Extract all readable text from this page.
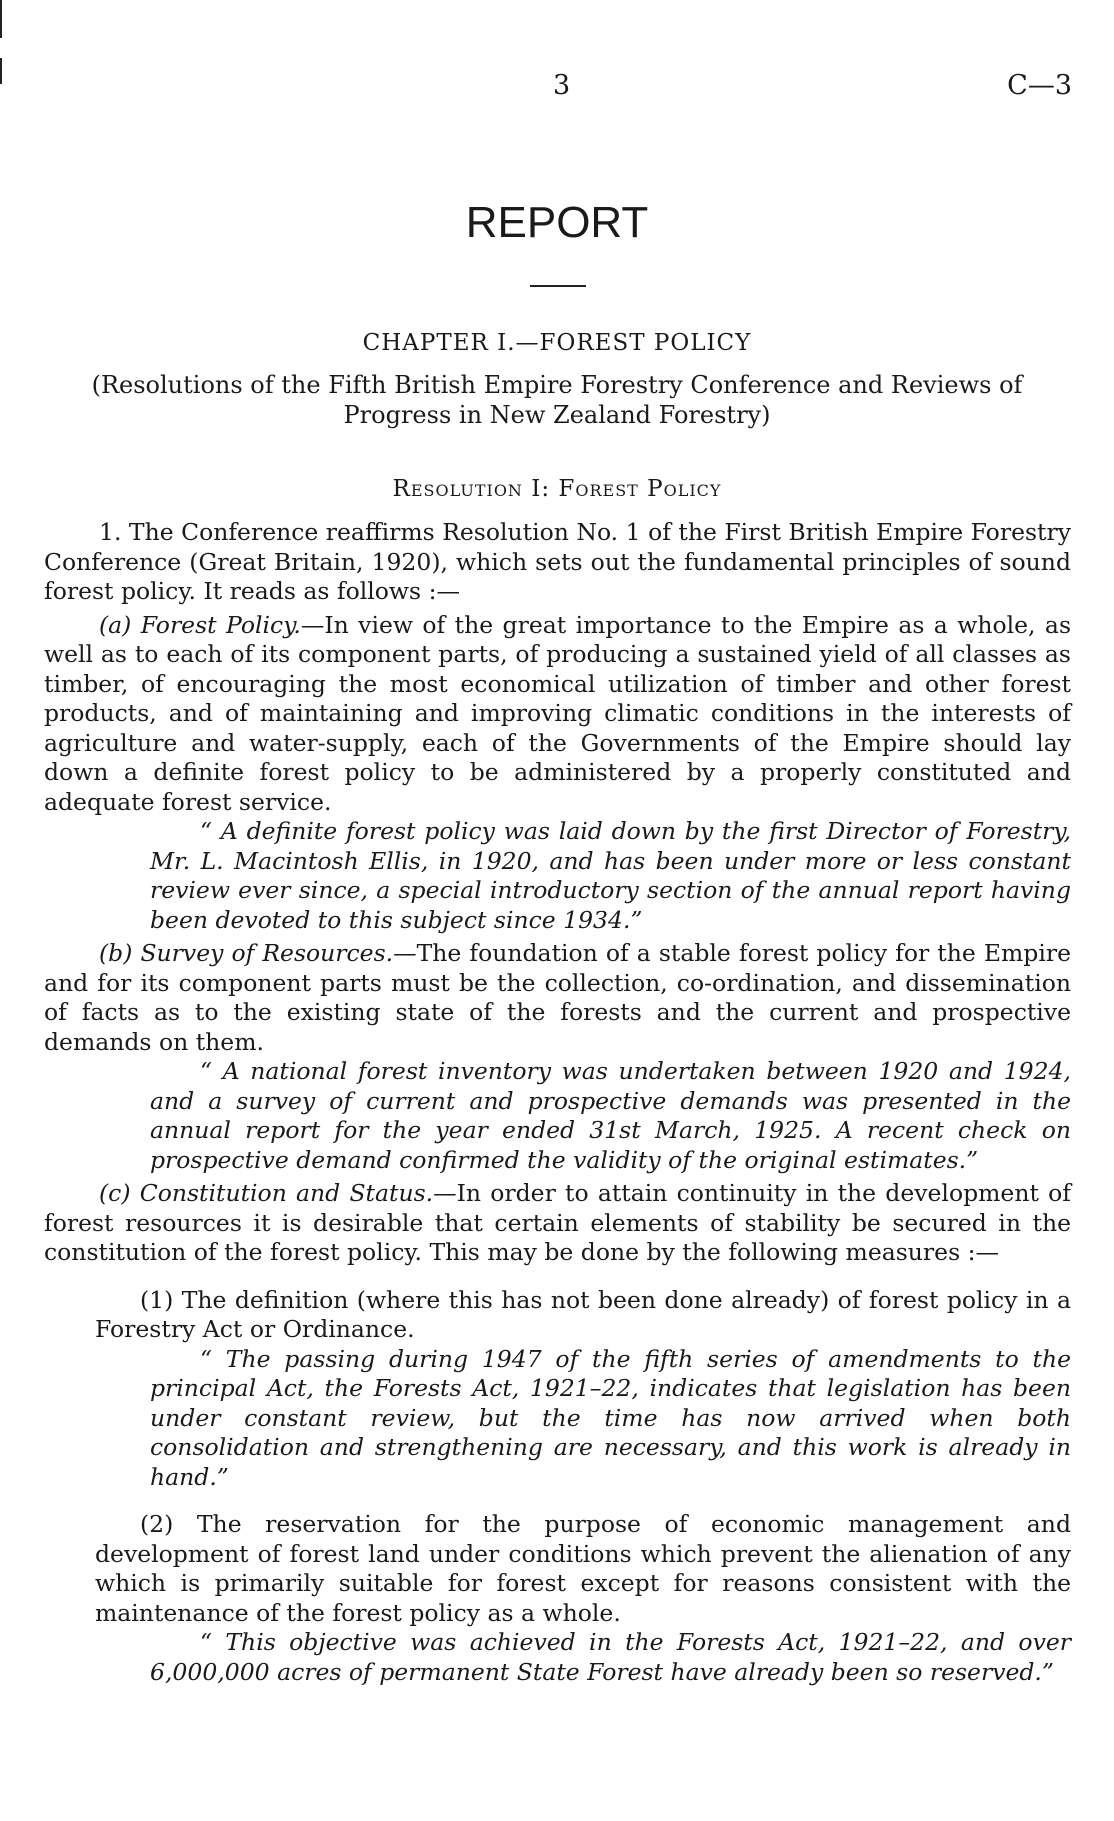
3	C—3
REPORT
CHAPTER I.—FOREST POLICY
(Resolutions of the Fifth British Empire Forestry Conference and Reviews of Progress in New Zealand Forestry)
Resolution I: Forest Policy

1. The Conference reaffirms Resolution No. 1 of the First British Empire Forestry Conference (Great Britain, 1920), which sets out the fundamental principles of sound forest policy. It reads as follows :—

(a) Forest Policy.—In view of the great importance to the Empire as a whole, as well as to each of its component parts, of producing a sustained yield of all classes as timber, of encouraging the most economical utilization of timber and other forest products, and of maintaining and improving climatic conditions in the interests of agriculture and water-supply, each of the Governments of the Empire should lay down a definite forest policy to be administered by a properly constituted and adequate forest service.

“ A definite forest policy was laid down by the first Director of Forestry, Mr. L. Macintosh Ellis, in 1920, and has been under more or less constant review ever since, a special introductory section of the annual report having been devoted to this subject since 1934.”

(b) Survey of Resources.—The foundation of a stable forest policy for the Empire and for its component parts must be the collection, co-ordination, and dissemination of facts as to the existing state of the forests and the current and prospective demands on them.

“ A national forest inventory was undertaken between 1920 and 1924, and a survey of current and prospective demands was presented in the annual report for the year ended 31st March, 1925. A recent check on prospective demand confirmed the validity of the original estimates.”

(c) Constitution and Status.—In order to attain continuity in the development of forest resources it is desirable that certain elements of stability be secured in the constitution of the forest policy. This may be done by the following measures :—

(1) The definition (where this has not been done already) of forest policy in a Forestry Act or Ordinance.

“ The passing during 1947 of the fifth series of amendments to the principal Act, the Forests Act, 1921–22, indicates that legislation has been under constant review, but the time has now arrived when both consolidation and strengthening are necessary, and this work is already in hand.”

(2) The reservation for the purpose of economic management and development of forest land under conditions which prevent the alienation of any which is primarily suitable for forest except for reasons consistent with the maintenance of the forest policy as a whole.

“ This objective was achieved in the Forests Act, 1921–22, and over 6,000,000 acres of permanent State Forest have already been so reserved.”
